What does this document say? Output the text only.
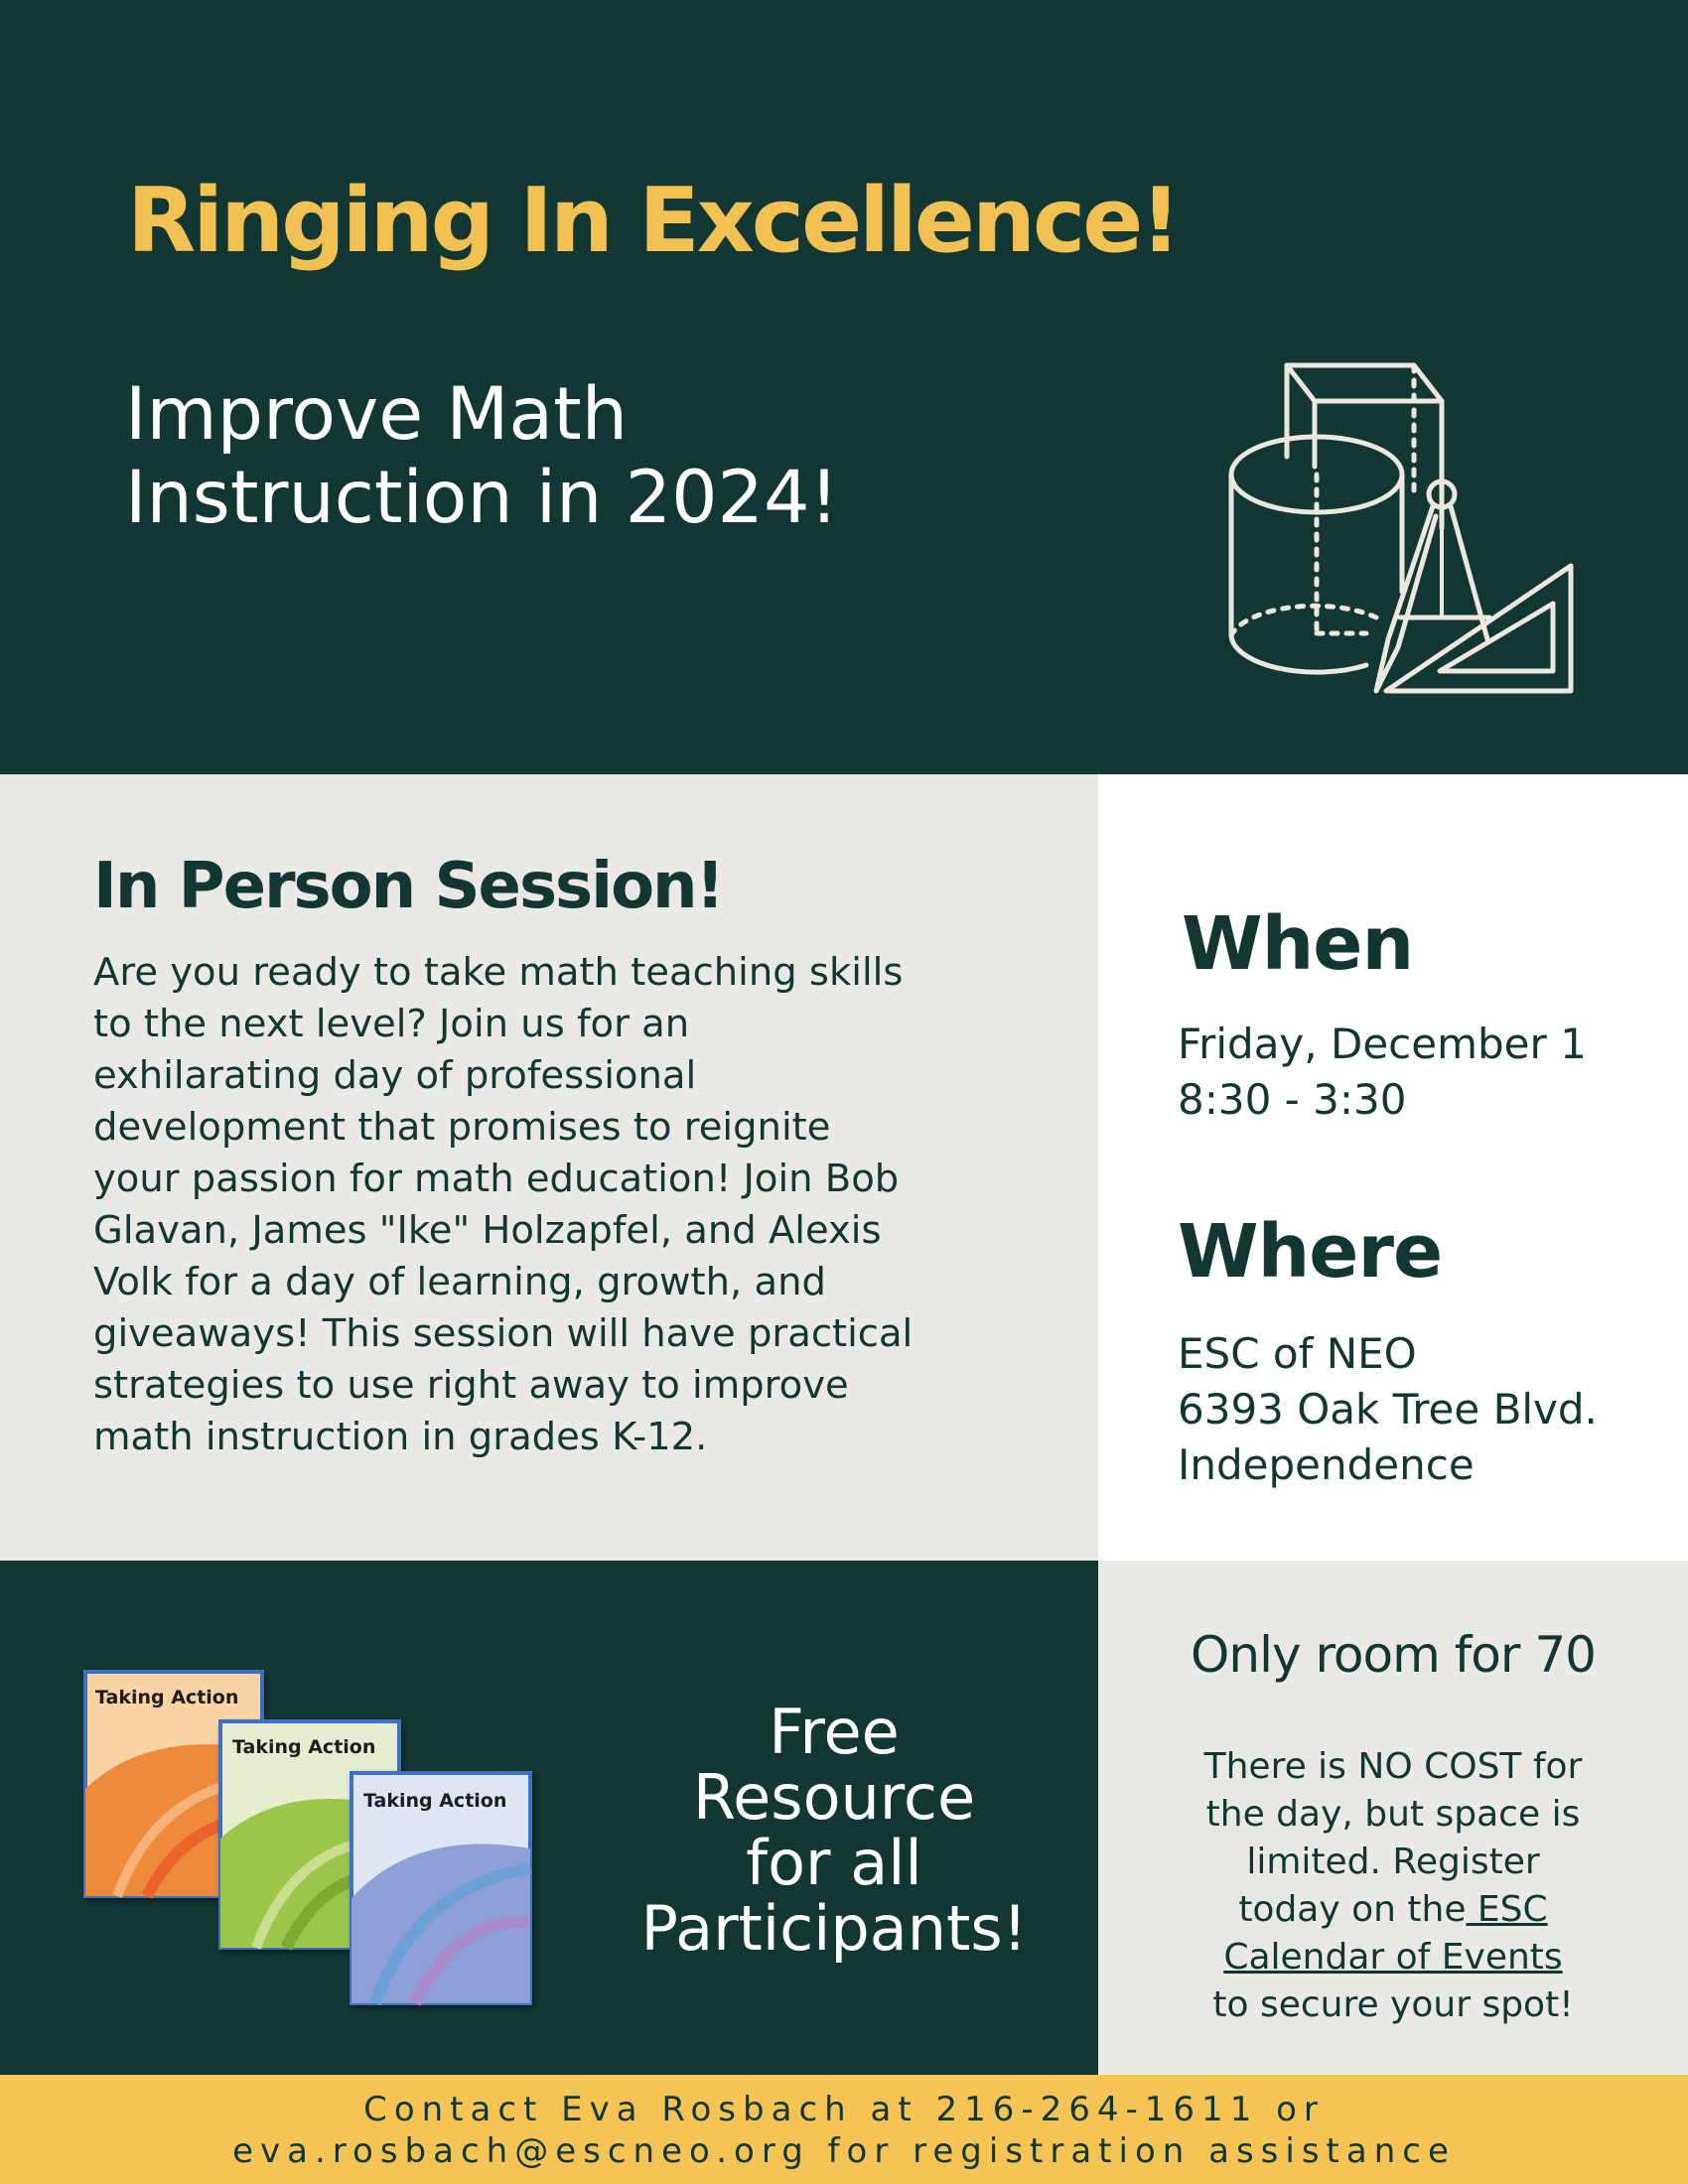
Ringing In Excellence!
Improve Math
Instruction in 2024!
In Person Session!
Are you ready to take math teaching skills
to the next level? Join us for an
exhilarating day of professional
development that promises to reignite
your passion for math education! Join Bob
Glavan, James "Ike" Holzapfel, and Alexis
Volk for a day of learning, growth, and
giveaways! This session will have practical
strategies to use right away to improve
math instruction in grades K-12.
When
Friday, December 1
8:30 - 3:30
Where
ESC of NEO
6393 Oak Tree Blvd.
Independence
Taking Action
Taking Action
Taking Action
Free
Resource
for all
Participants!
Only room for 70
There is NO COST for
the day, but space is
limited. Register
today on the ESC
Calendar of Events
to secure your spot!
Contact Eva Rosbach at 216-264-1611 or
eva.rosbach@escneo.org for registration assistance
